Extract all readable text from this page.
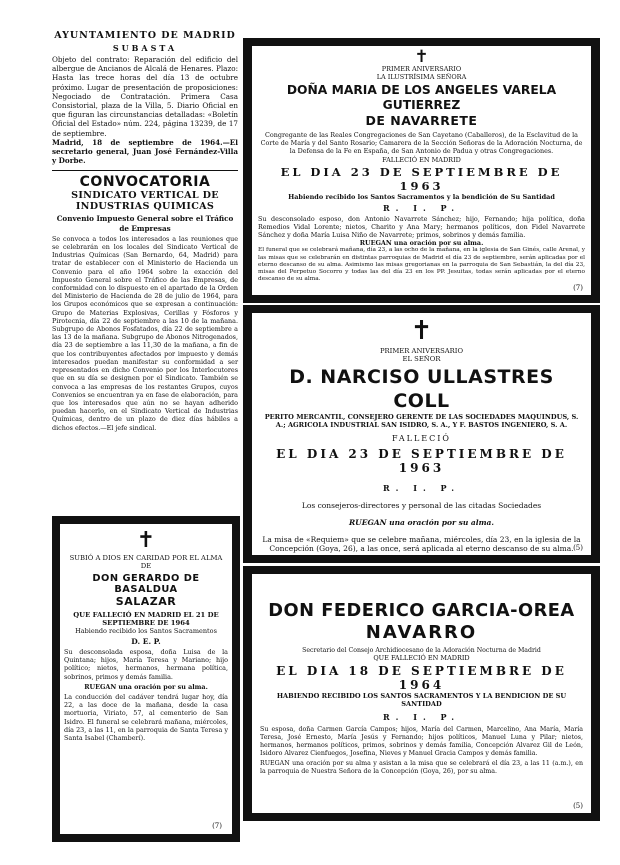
AYUNTAMIENTO DE MADRID
SUBASTA

Objeto del contrato: Reparación del edificio del albergue de Ancianos de Alcalá de Henares. Plazo: Hasta las trece horas del día 13 de octubre próximo. Lugar de presentación de proposiciones: Negociado de Contratación. Primera Casa Consistorial, plaza de la Villa, 5. Diario Oficial en que figuran las circunstancias detalladas: «Boletín Oficial del Estado» núm. 224, página 13239, de 17 de septiembre.

Madrid, 18 de septiembre de 1964.—El secretario general, Juan José Fernández-Villa y Dorbe.

CONVOCATORIA
SINDICATO VERTICAL DE
INDUSTRIAS QUIMICAS

Convenio Impuesto General sobre el Tráfico de Empresas

Se convoca a todos los interesados a las reuniones que se celebrarán en los locales del Sindicato Vertical de Industrias Químicas (San Bernardo, 64, Madrid) para tratar de establecer con el Ministerio de Hacienda un Convenio para el año 1964 sobre la exacción del Impuesto General sobre el Tráfico de las Empresas, de conformidad con lo dispuesto en el apartado de la Orden del Ministerio de Hacienda de 28 de julio de 1964, para los Grupos económicos que se expresan a continuación: Grupo de Materias Explosivas, Cerillas y Fósforos y Pirotecnia, día 22 de septiembre a las 10 de la mañana. Subgrupo de Abonos Fosfatados, día 22 de septiembre a las 13 de la mañana. Subgrupo de Abonos Nitrogenados, día 23 de septiembre a las 11,30 de la mañana, a fin de que los contribuyentes afectados por impuesto y demás interesados puedan manifestar su conformidad a ser representados en dicho Convenio por los Interlocutores que en su día se designen por el Sindicato. También se convoca a las empresas de los restantes Grupos, cuyos Convenios se encuentran ya en fase de elaboración, para que los interesados que aún no se hayan adherido puedan hacerlo, en el Sindicato Vertical de Industrias Químicas, dentro de un plazo de diez días hábiles a dichos efectos.—El jefe sindical.

✝
SUBIÓ A DIOS EN CARIDAD POR EL ALMA DE
DON GERARDO DE BASALDUA
SALAZAR
QUE FALLECIÓ EN MADRID EL 21 DE SEPTIEMBRE DE 1964
Habiendo recibido los Santos Sacramentos
D. E. P.

Su desconsolada esposa, doña Luisa de la Quintana; hijos, María Teresa y Mariano; hijo político; nietos, hermanos, hermana política, sobrinos, primos y demás familia.

RUEGAN una oración por su alma.

La conducción del cadáver tendrá lugar hoy, día 22, a las doce de la mañana, desde la casa mortuoria, Viriato, 57, al cementerio de San Isidro. El funeral se celebrará mañana, miércoles, día 23, a las 11, en la parroquia de Santa Teresa y Santa Isabel (Chamberí).

(7)
✝
PRIMER ANIVERSARIO
LA ILUSTRÍSIMA SEÑORA
DOÑA MARIA DE LOS ANGELES VARELA GUTIERREZ
DE NAVARRETE

Congregante de las Reales Congregaciones de San Cayetano (Caballeros), de la Esclavitud de la Corte de María y del Santo Rosario; Camarera de la Sección Señoras de la Adoración Nocturna, de la Defensa de la Fe en España, de San Antonio de Padua y otras Congregaciones.

FALLECIÓ EN MADRID
EL DIA 23 DE SEPTIEMBRE DE 1963
Habiendo recibido los Santos Sacramentos y la bendición de Su Santidad
R. I. P.

Su desconsolado esposo, don Antonio Navarrete Sánchez; hijo, Fernando; hija política, doña Remedios Vidal Lorente; nietos, Charito y Ana Mary; hermanos políticos, don Fidel Navarrete Sánchez y doña María Luisa Niño de Navarrete; primos, sobrinos y demás familia.

RUEGAN una oración por su alma.

El funeral que se celebrará mañana, día 23, a las ocho de la mañana, en la iglesia de San Ginés, calle Arenal, y las misas que se celebrarán en distintas parroquias de Madrid el día 23 de septiembre, serán aplicadas por el eterno descanso de su alma. Asimismo las misas gregorianas en la parroquia de San Sebastián, la del día 23, misas del Perpetuo Socorro y todas las del día 23 en los PP. Jesuitas, todas serán aplicadas por el eterno descanso de su alma.

(7)
✝
PRIMER ANIVERSARIO
EL SEÑOR
D. NARCISO ULLASTRES COLL

PERITO MERCANTIL, CONSEJERO GERENTE DE LAS SOCIEDADES MAQUINDUS, S. A.; AGRICOLA INDUSTRIAL SAN ISIDRO, S. A., Y F. BASTOS INGENIERO, S. A.

FALLECIÓ
EL DIA 23 DE SEPTIEMBRE DE 1963
R. I. P.
Los consejeros-directores y personal de las citadas Sociedades
RUEGAN una oración por su alma.

La misa de «Requiem» que se celebre mañana, miércoles, día 23, en la iglesia de la Concepción (Goya, 26), a las once, será aplicada al eterno descanso de su alma. (5)
DON FEDERICO GARCIA-OREA
NAVARRO
Secretario del Consejo Archidiocesano de la Adoración Nocturna de Madrid
QUE FALLECIÓ EN MADRID
EL DIA 18 DE SEPTIEMBRE DE 1964
HABIENDO RECIBIDO LOS SANTOS SACRAMENTOS Y LA BENDICION DE SU SANTIDAD
R. I. P.

Su esposa, doña Carmen García Campos; hijos, María del Carmen, Marcelino, Ana María, María Teresa, José Ernesto, María Jesús y Fernando; hijos políticos, Manuel Luna y Pilar; nietos, hermanos, hermanos políticos, primos, sobrinos y demás familia, Concepción Alvarez Gil de León, Isidoro Alvarez Cienfuegos, Josefina, Nieves y Manuel Gracia Campos y demás familia.

RUEGAN una oración por su alma y asistan a la misa que se celebrará el día 23, a las 11 (a.m.), en la parroquia de Nuestra Señora de la Concepción (Goya, 26), por su alma.

(5)
